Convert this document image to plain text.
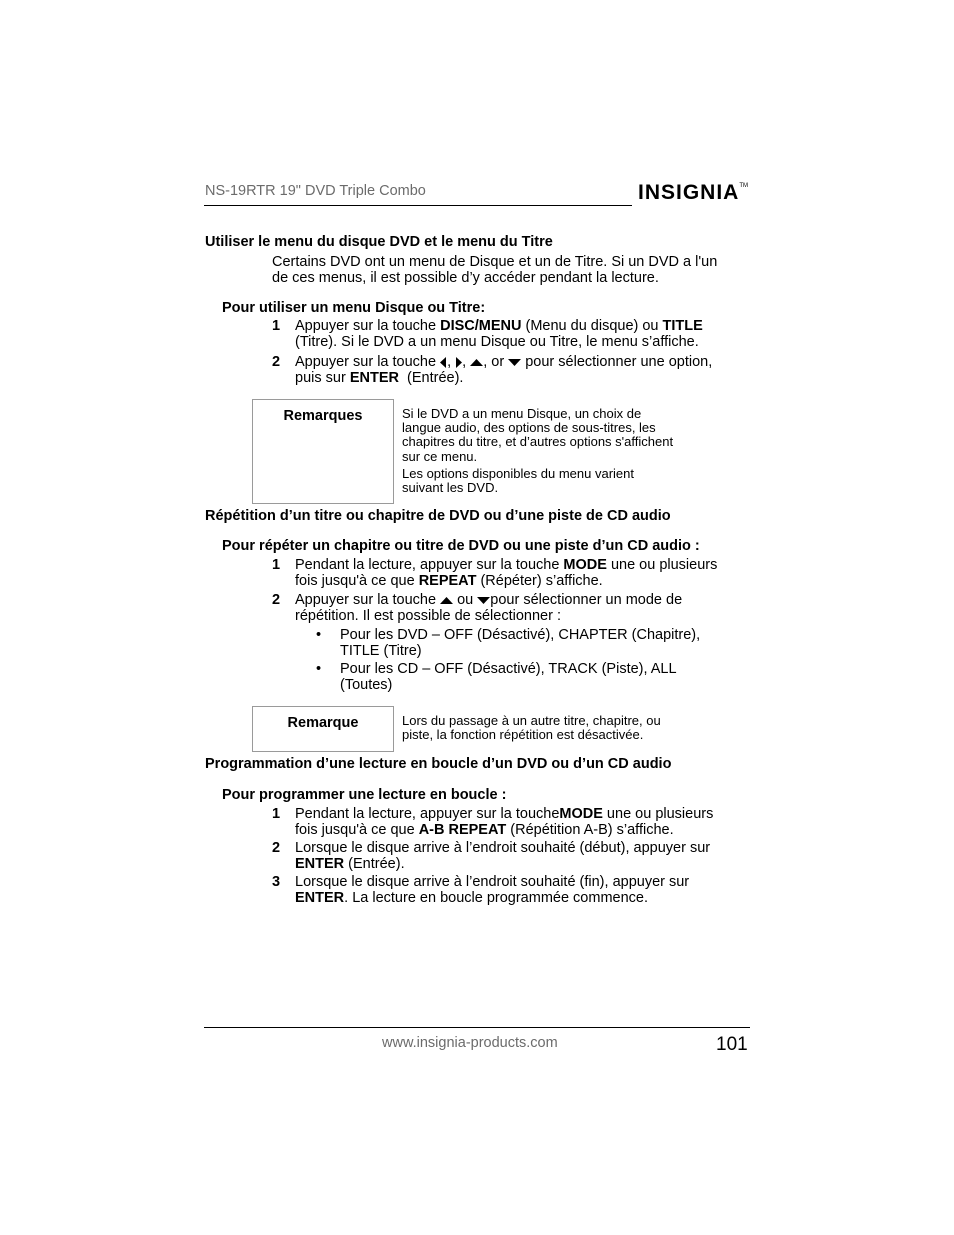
NS-19RTR 19" DVD Triple Combo	INSIGNIA™
Utiliser le menu du disque DVD et le menu du Titre
Certains DVD ont un menu de Disque et un de Titre. Si un DVD a l'un
de ces menus, il est possible d’y accéder pendant la lecture.
Pour utiliser un menu Disque ou Titre:
1 Appuyer sur la touche DISC/MENU (Menu du disque) ou TITLE
(Titre). Si le DVD a un menu Disque ou Titre, le menu s’affiche.
2 Appuyer sur la touche , , , or  pour sélectionner une option,
puis sur ENTER  (Entrée).
Remarques	Si le DVD a un menu Disque, un choix de
langue audio, des options de sous-titres, les
chapitres du titre, et d’autres options s'affichent
sur ce menu.
Les options disponibles du menu varient
suivant les DVD.
Répétition d’un titre ou chapitre de DVD ou d’une piste de CD audio
Pour répéter un chapitre ou titre de DVD ou une piste d’un CD audio :
1 Pendant la lecture, appuyer sur la touche MODE une ou plusieurs
fois jusqu'à ce que REPEAT (Répéter) s’affiche.
2 Appuyer sur la touche  ou pour sélectionner un mode de
répétition. Il est possible de sélectionner :
• Pour les DVD – OFF (Désactivé), CHAPTER (Chapitre),
TITLE (Titre)
• Pour les CD – OFF (Désactivé), TRACK (Piste), ALL
(Toutes)
Remarque	Lors du passage à un autre titre, chapitre, ou
piste, la fonction répétition est désactivée.
Programmation d’une lecture en boucle d’un DVD ou d’un CD audio
Pour programmer une lecture en boucle :
1 Pendant la lecture, appuyer sur la toucheMODE une ou plusieurs
fois jusqu'à ce que A-B REPEAT (Répétition A-B) s’affiche.
2 Lorsque le disque arrive à l’endroit souhaité (début), appuyer sur
ENTER (Entrée).
3 Lorsque le disque arrive à l’endroit souhaité (fin), appuyer sur
ENTER. La lecture en boucle programmée commence.
www.insignia-products.com	101
